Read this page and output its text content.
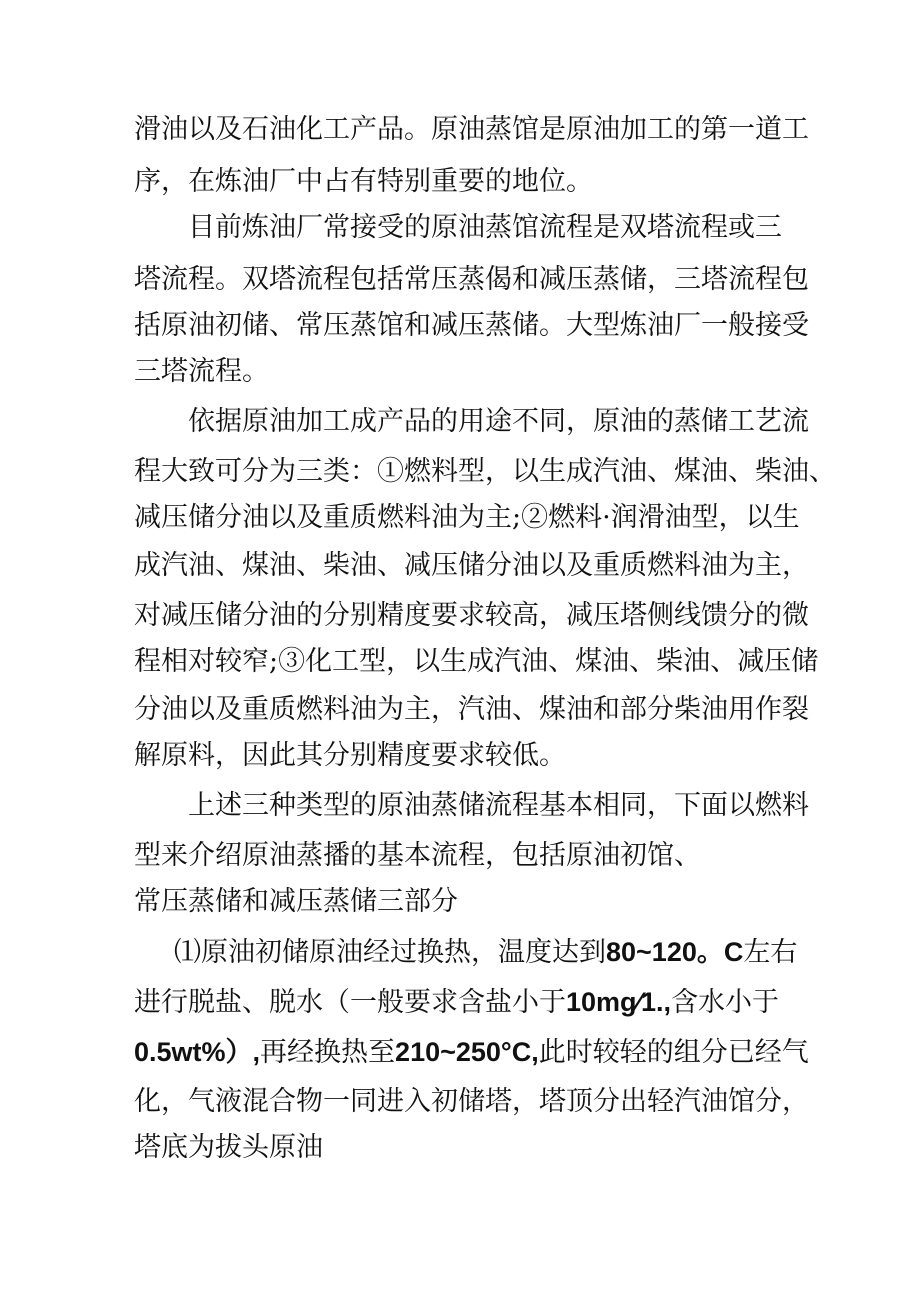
滑油以及石油化工产品。原油蒸馆是原油加工的第一道工

序，在炼油厂中占有特别重要的地位。

目前炼油厂常接受的原油蒸馆流程是双塔流程或三

塔流程。双塔流程包括常压蒸偈和减压蒸储，三塔流程包

括原油初储、常压蒸馆和减压蒸储。大型炼油厂一般接受

三塔流程。

依据原油加工成产品的用途不同，原油的蒸储工艺流

程大致可分为三类：①燃料型，以生成汽油、煤油、柴油、

减压储分油以及重质燃料油为主;②燃料·润滑油型，以生

成汽油、煤油、柴油、减压储分油以及重质燃料油为主，

对减压储分油的分别精度要求较高，减压塔侧线馈分的微

程相对较窄;③化工型，以生成汽油、煤油、柴油、减压储

分油以及重质燃料油为主，汽油、煤油和部分柴油用作裂

解原料，因此其分别精度要求较低。

上述三种类型的原油蒸储流程基本相同，下面以燃料

型来介绍原油蒸播的基本流程，包括原油初馆、

常压蒸储和减压蒸储三部分

⑴原油初储原油经过换热，温度达到80~120。C左右

进行脱盐、脱水（一般要求含盐小于10mg⁄1.,含水小于

0.5wt%）,再经换热至210~250°C,此时较轻的组分已经气

化，气液混合物一同进入初储塔，塔顶分出轻汽油馆分，

塔底为拔头原油
